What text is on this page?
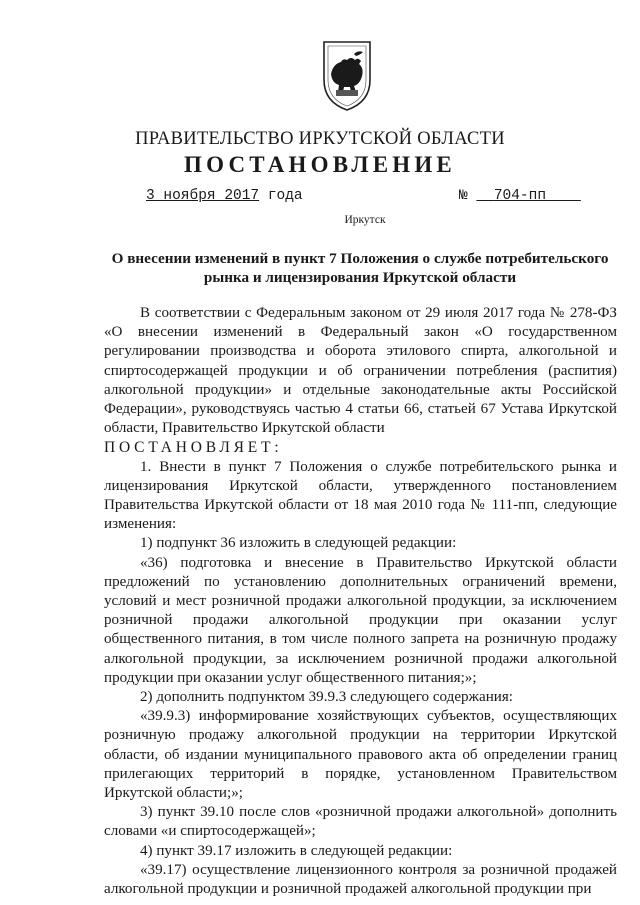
ПРАВИТЕЛЬСТВО ИРКУТСКОЙ ОБЛАСТИ
ПОСТАНОВЛЕНИЕ
3 ноября 2017 года	№ 704-пп
Иркутск
О внесении изменений в пункт 7 Положения о службе потребительского рынка и лицензирования Иркутской области

В соответствии с Федеральным законом от 29 июля 2017 года № 278-ФЗ «О внесении изменений в Федеральный закон «О государственном регулировании производства и оборота этилового спирта, алкогольной и спиртосодержащей продукции и об ограничении потребления (распития) алкогольной продукции» и отдельные законодательные акты Российской Федерации», руководствуясь частью 4 статьи 66, статьей 67 Устава Иркутской области, Правительство Иркутской области

ПОСТАНОВЛЯЕТ:

1. Внести в пункт 7 Положения о службе потребительского рынка и лицензирования Иркутской области, утвержденного постановлением Правительства Иркутской области от 18 мая 2010 года № 111-пп, следующие изменения:

1) подпункт 36 изложить в следующей редакции:

«36) подготовка и внесение в Правительство Иркутской области предложений по установлению дополнительных ограничений времени, условий и мест розничной продажи алкогольной продукции, за исключением розничной продажи алкогольной продукции при оказании услуг общественного питания, в том числе полного запрета на розничную продажу алкогольной продукции, за исключением розничной продажи алкогольной продукции при оказании услуг общественного питания;»;

2) дополнить подпунктом 39.9.3 следующего содержания:

«39.9.3) информирование хозяйствующих субъектов, осуществляющих розничную продажу алкогольной продукции на территории Иркутской области, об издании муниципального правового акта об определении границ прилегающих территорий в порядке, установленном Правительством Иркутской области;»;

3) пункт 39.10 после слов «розничной продажи алкогольной» дополнить словами «и спиртосодержащей»;

4) пункт 39.17 изложить в следующей редакции:

«39.17) осуществление лицензионного контроля за розничной продажей алкогольной продукции и розничной продажей алкогольной продукции при
